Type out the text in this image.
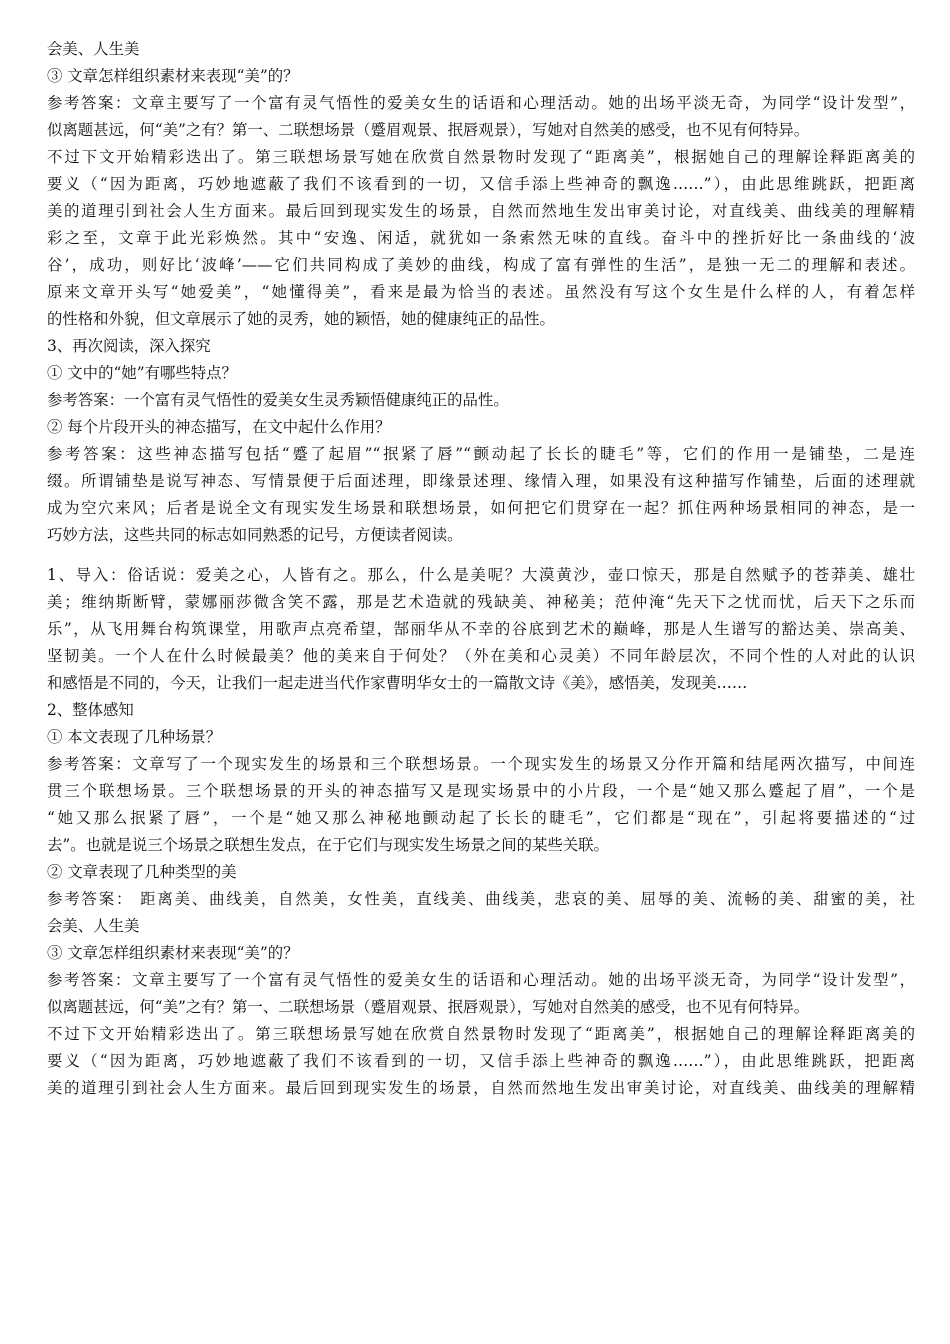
会美、人生美
③ 文章怎样组织素材来表现“美”的？
参考答案：文章主要写了一个富有灵气悟性的爱美女生的话语和心理活动。她的出场平淡无奇，为同学“设计发型”，
似离题甚远，何“美”之有？第一、二联想场景（蹙眉观景、抿唇观景），写她对自然美的感受，也不见有何特异。
不过下文开始精彩迭出了。第三联想场景写她在欣赏自然景物时发现了“距离美”，根据她自己的理解诠释距离美的
要义（“因为距离，巧妙地遮蔽了我们不该看到的一切，又信手添上些神奇的飘逸……”），由此思维跳跃，把距离
美的道理引到社会人生方面来。最后回到现实发生的场景，自然而然地生发出审美讨论，对直线美、曲线美的理解精
彩之至，文章于此光彩焕然。其中“安逸、闲适，就犹如一条索然无味的直线。奋斗中的挫折好比一条曲线的‘波
谷’，成功，则好比‘波峰’——它们共同构成了美妙的曲线，构成了富有弹性的生活”，是独一无二的理解和表述。
原来文章开头写“她爱美”，“她懂得美”，看来是最为恰当的表述。虽然没有写这个女生是什么样的人，有着怎样
的性格和外貌，但文章展示了她的灵秀，她的颖悟，她的健康纯正的品性。
3、再次阅读，深入探究
① 文中的“她”有哪些特点？
参考答案：一个富有灵气悟性的爱美女生灵秀颖悟健康纯正的品性。
② 每个片段开头的神态描写，在文中起什么作用？
参考答案：这些神态描写包括“蹙了起眉”“抿紧了唇”“颤动起了长长的睫毛”等，它们的作用一是铺垫，二是连
缀。所谓铺垫是说写神态、写情景便于后面述理，即缘景述理、缘情入理，如果没有这种描写作铺垫，后面的述理就
成为空穴来风；后者是说全文有现实发生场景和联想场景，如何把它们贯穿在一起？抓住两种场景相同的神态，是一
巧妙方法，这些共同的标志如同熟悉的记号，方便读者阅读。
1、导入：俗话说：爱美之心，人皆有之。那么，什么是美呢？大漠黄沙，壶口惊天，那是自然赋予的苍莽美、雄壮
美；维纳斯断臂，蒙娜丽莎微含笑不露，那是艺术造就的残缺美、神秘美；范仲淹“先天下之忧而忧，后天下之乐而
乐”，从飞用舞台构筑课堂，用歌声点亮希望，郜丽华从不幸的谷底到艺术的巅峰，那是人生谱写的豁达美、崇高美、
坚韧美。一个人在什么时候最美？他的美来自于何处？（外在美和心灵美）不同年龄层次，不同个性的人对此的认识
和感悟是不同的，今天，让我们一起走进当代作家曹明华女士的一篇散文诗《美》，感悟美，发现美……
2、整体感知
① 本文表现了几种场景？
参考答案：文章写了一个现实发生的场景和三个联想场景。一个现实发生的场景又分作开篇和结尾两次描写，中间连
贯三个联想场景。三个联想场景的开头的神态描写又是现实场景中的小片段，一个是“她又那么蹙起了眉”，一个是
“她又那么抿紧了唇”，一个是“她又那么神秘地颤动起了长长的睫毛”，它们都是“现在”，引起将要描述的“过
去”。也就是说三个场景之联想生发点，在于它们与现实发生场景之间的某些关联。
② 文章表现了几种类型的美
参考答案： 距离美、曲线美，自然美，女性美，直线美、曲线美，悲哀的美、屈辱的美、流畅的美、甜蜜的美，社
会美、人生美
③ 文章怎样组织素材来表现“美”的？
参考答案：文章主要写了一个富有灵气悟性的爱美女生的话语和心理活动。她的出场平淡无奇，为同学“设计发型”，
似离题甚远，何“美”之有？第一、二联想场景（蹙眉观景、抿唇观景），写她对自然美的感受，也不见有何特异。
不过下文开始精彩迭出了。第三联想场景写她在欣赏自然景物时发现了“距离美”，根据她自己的理解诠释距离美的
要义（“因为距离，巧妙地遮蔽了我们不该看到的一切，又信手添上些神奇的飘逸……”），由此思维跳跃，把距离
美的道理引到社会人生方面来。最后回到现实发生的场景，自然而然地生发出审美讨论，对直线美、曲线美的理解精
